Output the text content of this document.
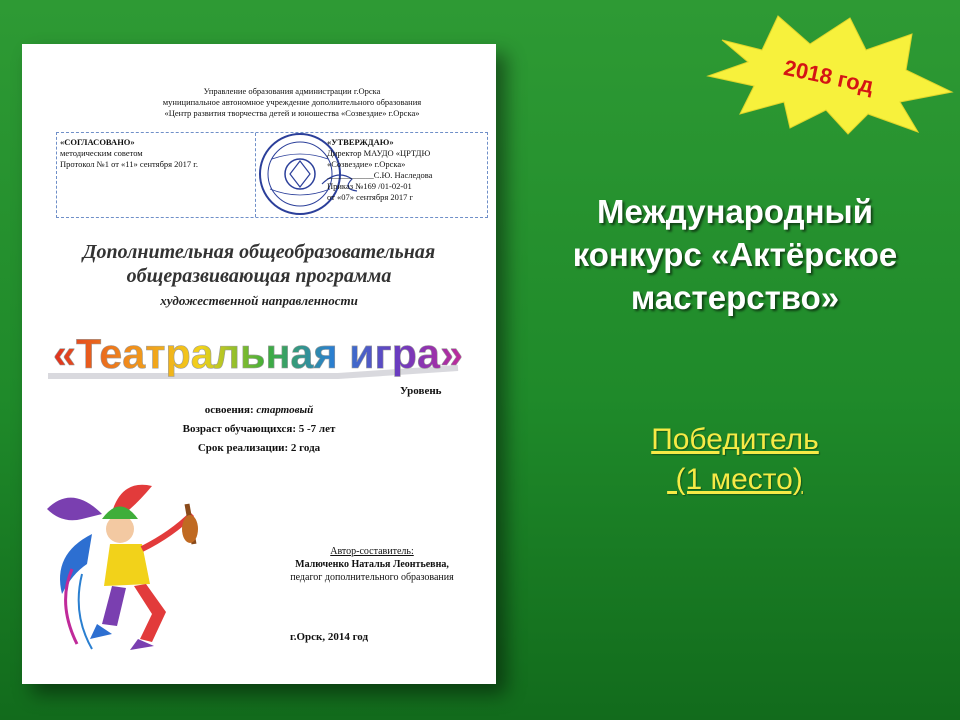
Управление образования администрации г.Орска
муниципальное автономное учреждение дополнительного образования
«Центр развития творчества детей и юношества «Созвездие» г.Орска»
«СОГЛАСОВАНО»
методическим советом
Протокол №1 от «11» сентября 2017 г.
«УТВЕРЖДАЮ»
Директор МАУДО «ЦРТДЮ
«Созвездие» г.Орска»
___________С.Ю. Наследова
Приказ №169 /01-02-01
от «07» сентября 2017 г
Дополнительная общеобразовательная
общеразвивающая программа
художественной направленности
«Театральная игра»
Уровень
освоения: стартовый
Возраст обучающихся: 5 -7 лет
Срок реализации: 2 года
Автор-составитель:
Малюченко Наталья Леонтьевна,
педагог дополнительного образования
г.Орск, 2014 год
2018 год
Международный
конкурс «Актёрское
мастерство»
Победитель
(1 место)
